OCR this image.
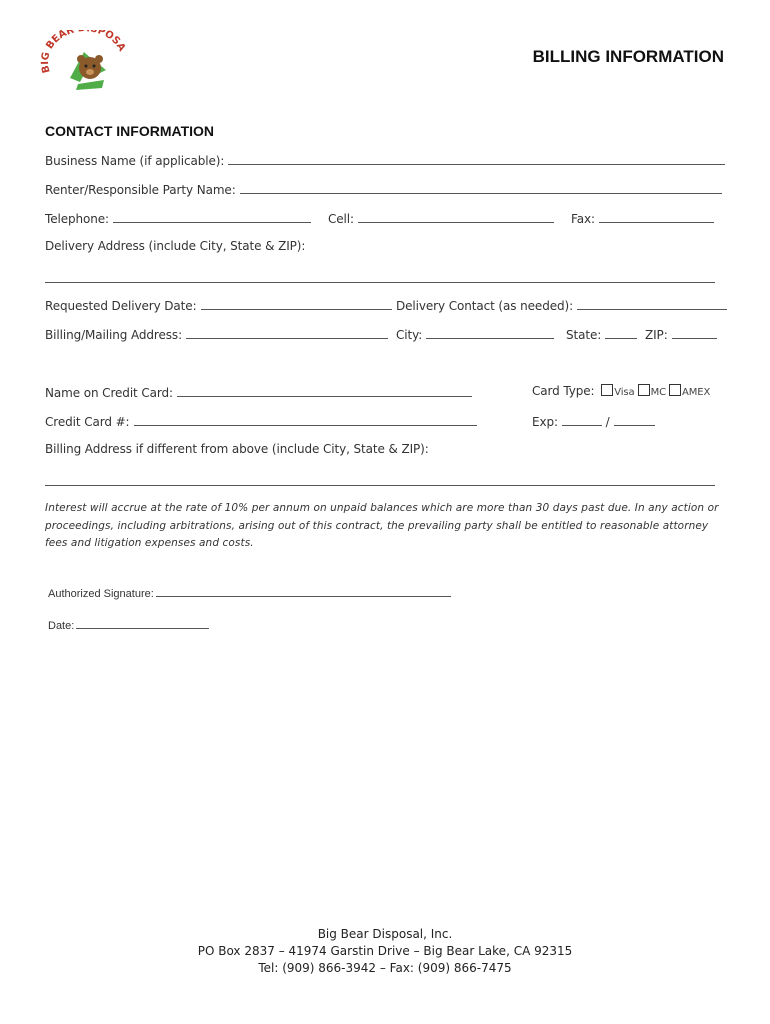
BIG BEAR POSA	BILLING INFORMATION
CONTACT INFORMATION
Business Name (if applicable):
Renter/Responsible Party Name:
Telephone:	Cell:	Fax:
Delivery Address (include City, State & ZIP):
Requested Delivery Date:	Delivery Contact (as needed):
Billing/Mailing Address:	City:	State:	ZIP:
Name on Credit Card:	Card Type: Visa MC AMEX
Credit Card #:	Exp:	/
Billing Address if different from above (include City, State & ZIP):
Interest will accrue at the rate of 10% per annum on unpaid balances which are more than 30 days past due. In any action or proceedings, including arbitrations, arising out of this contract, the prevailing party shall be entitled to reasonable attorney fees and litigation expenses and costs.
Authorized Signature:
Date:
Big Bear Disposal, Inc.
PO Box 2837 – 41974 Garstin Drive – Big Bear Lake, CA 92315
Tel: (909) 866-3942 – Fax: (909) 866-7475
